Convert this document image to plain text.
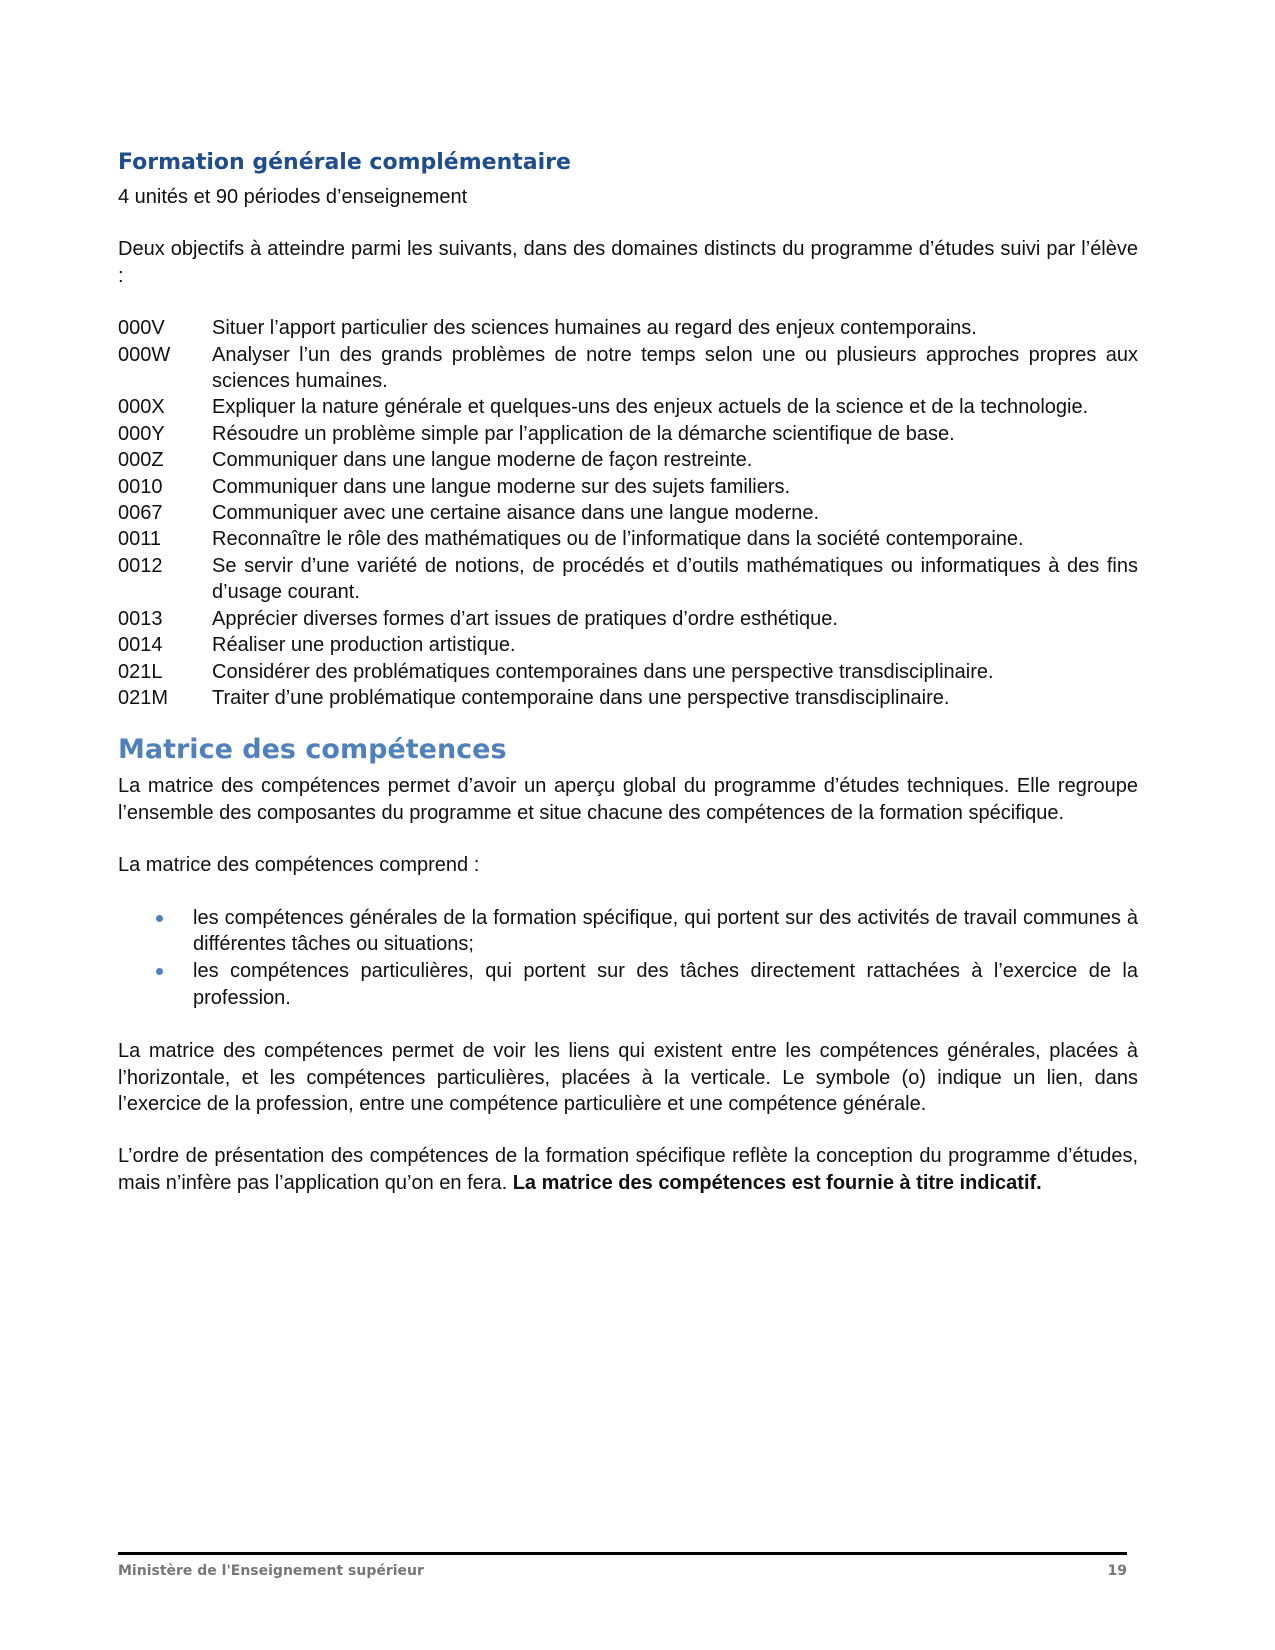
Formation générale complémentaire

4 unités et 90 périodes d’enseignement

Deux objectifs à atteindre parmi les suivants, dans des domaines distincts du programme d’études suivi par l’élève :

000V	Situer l’apport particulier des sciences humaines au regard des enjeux contemporains.
000W	Analyser l’un des grands problèmes de notre temps selon une ou plusieurs approches propres aux sciences humaines.
000X	Expliquer la nature générale et quelques-uns des enjeux actuels de la science et de la technologie.
000Y	Résoudre un problème simple par l’application de la démarche scientifique de base.
000Z	Communiquer dans une langue moderne de façon restreinte.
0010	Communiquer dans une langue moderne sur des sujets familiers.
0067	Communiquer avec une certaine aisance dans une langue moderne.
0011	Reconnaître le rôle des mathématiques ou de l’informatique dans la société contemporaine.
0012	Se servir d’une variété de notions, de procédés et d’outils mathématiques ou informatiques à des fins d’usage courant.
0013	Apprécier diverses formes d’art issues de pratiques d’ordre esthétique.
0014	Réaliser une production artistique.
021L	Considérer des problématiques contemporaines dans une perspective transdisciplinaire.
021M	Traiter d’une problématique contemporaine dans une perspective transdisciplinaire.
Matrice des compétences

La matrice des compétences permet d’avoir un aperçu global du programme d’études techniques. Elle regroupe l’ensemble des composantes du programme et situe chacune des compétences de la formation spécifique.

La matrice des compétences comprend :

les compétences générales de la formation spécifique, qui portent sur des activités de travail communes à différentes tâches ou situations;
les compétences particulières, qui portent sur des tâches directement rattachées à l’exercice de la profession.

La matrice des compétences permet de voir les liens qui existent entre les compétences générales, placées à l’horizontale, et les compétences particulières, placées à la verticale. Le symbole (o) indique un lien, dans l’exercice de la profession, entre une compétence particulière et une compétence générale.

L’ordre de présentation des compétences de la formation spécifique reflète la conception du programme d’études, mais n’infère pas l’application qu’on en fera. La matrice des compétences est fournie à titre indicatif.

Ministère de l'Enseignement supérieur	19
